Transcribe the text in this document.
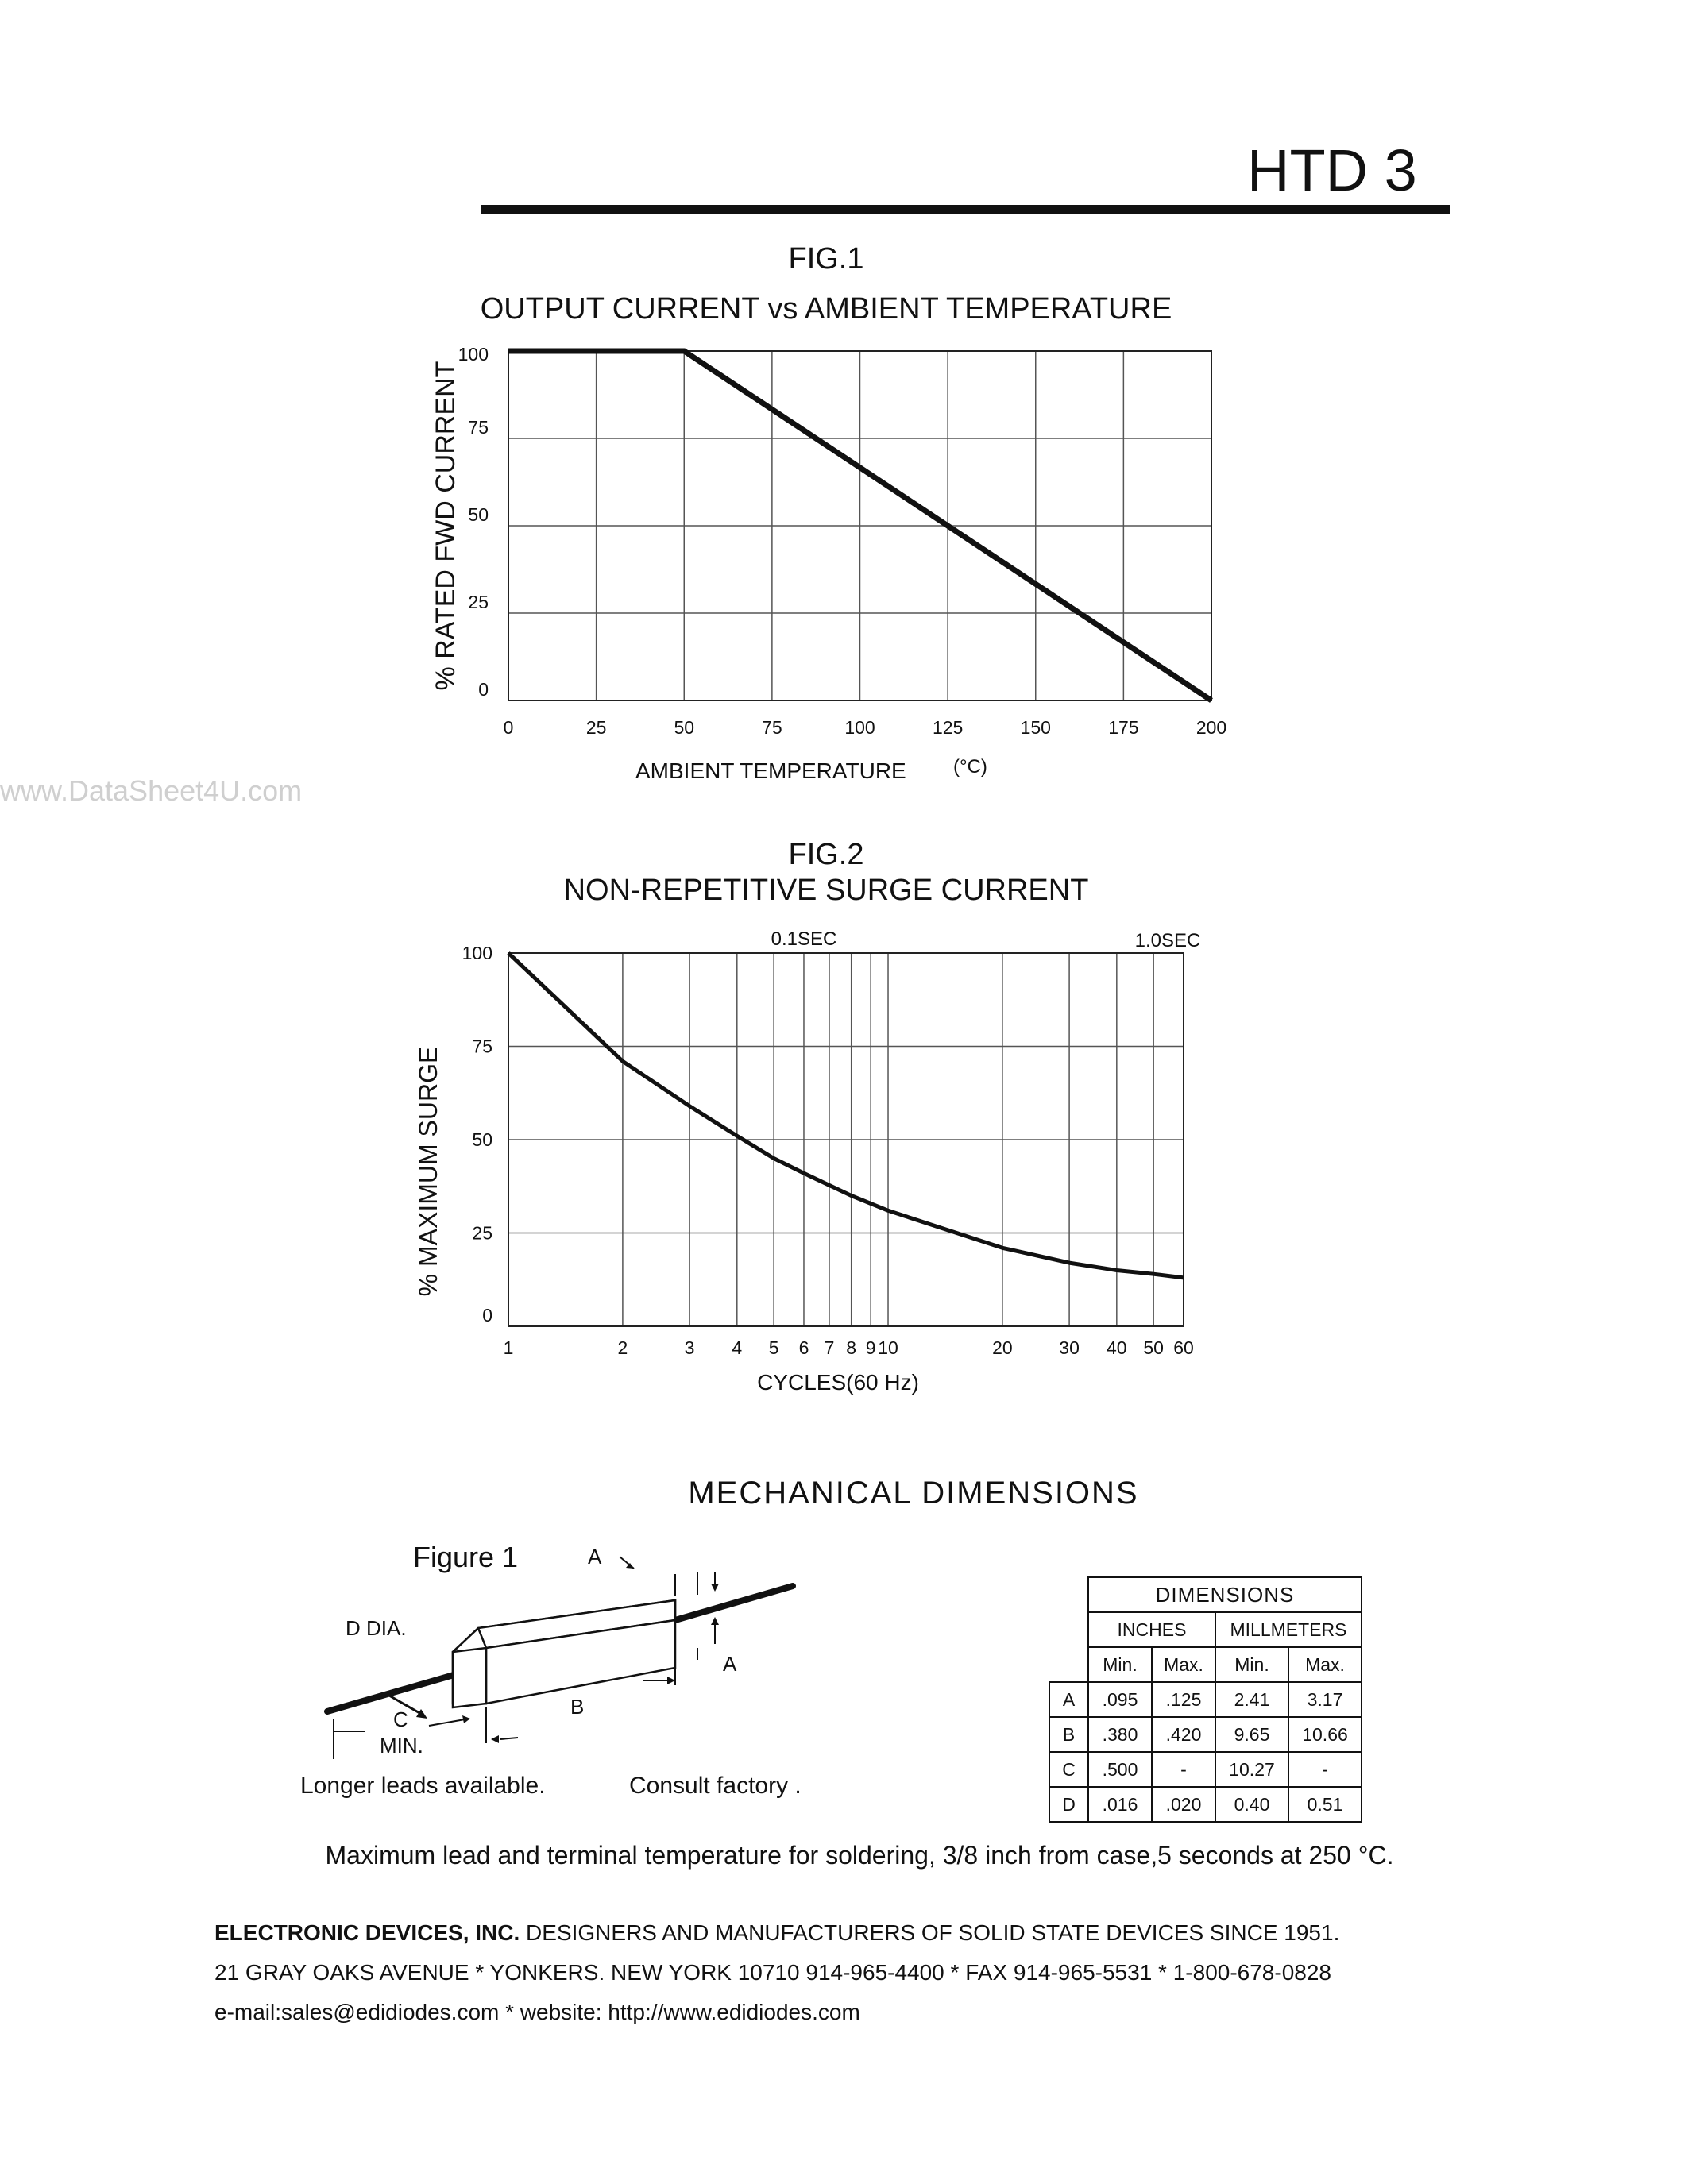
HTD 3
www.DataSheet4U.com
FIG.1
OUTPUT CURRENT vs AMBIENT TEMPERATURE
0	25	50	75	100	125	150	175	200
0
25
50
75
100
AMBIENT TEMPERATURE (°C)
% RATED FWD CURRENT
FIG.2
NON-REPETITIVE SURGE CURRENT
1	2	3 4 5 6 7 8 9 10	20	30 40 50 60
0
25
50
75
100
0.1SEC	1.0SEC
CYCLES(60 Hz)
% MAXIMUM SURGE
MECHANICAL DIMENSIONS
Figure 1	A
A
B
C
MIN.
D DIA.
Longer leads available.	Consult factory .
	DIMENSIONS			
	INCHES		MILLMETERS	
	Min.	Max.	Min.	Max.
A	.095	.125	2.41	3.17
B	.380	.420	9.65	10.66
C	.500	-	10.27	-
D	.016	.020	0.40	0.51
Maximum lead and terminal temperature for soldering, 3/8 inch from case,5 seconds at 250 °C.
ELECTRONIC DEVICES, INC. DESIGNERS AND MANUFACTURERS OF SOLID STATE DEVICES SINCE 1951.
21 GRAY OAKS AVENUE * YONKERS. NEW YORK 10710 914-965-4400 * FAX 914-965-5531 * 1-800-678-0828
e-mail:sales@edidiodes.com * website: http://www.edidiodes.com
